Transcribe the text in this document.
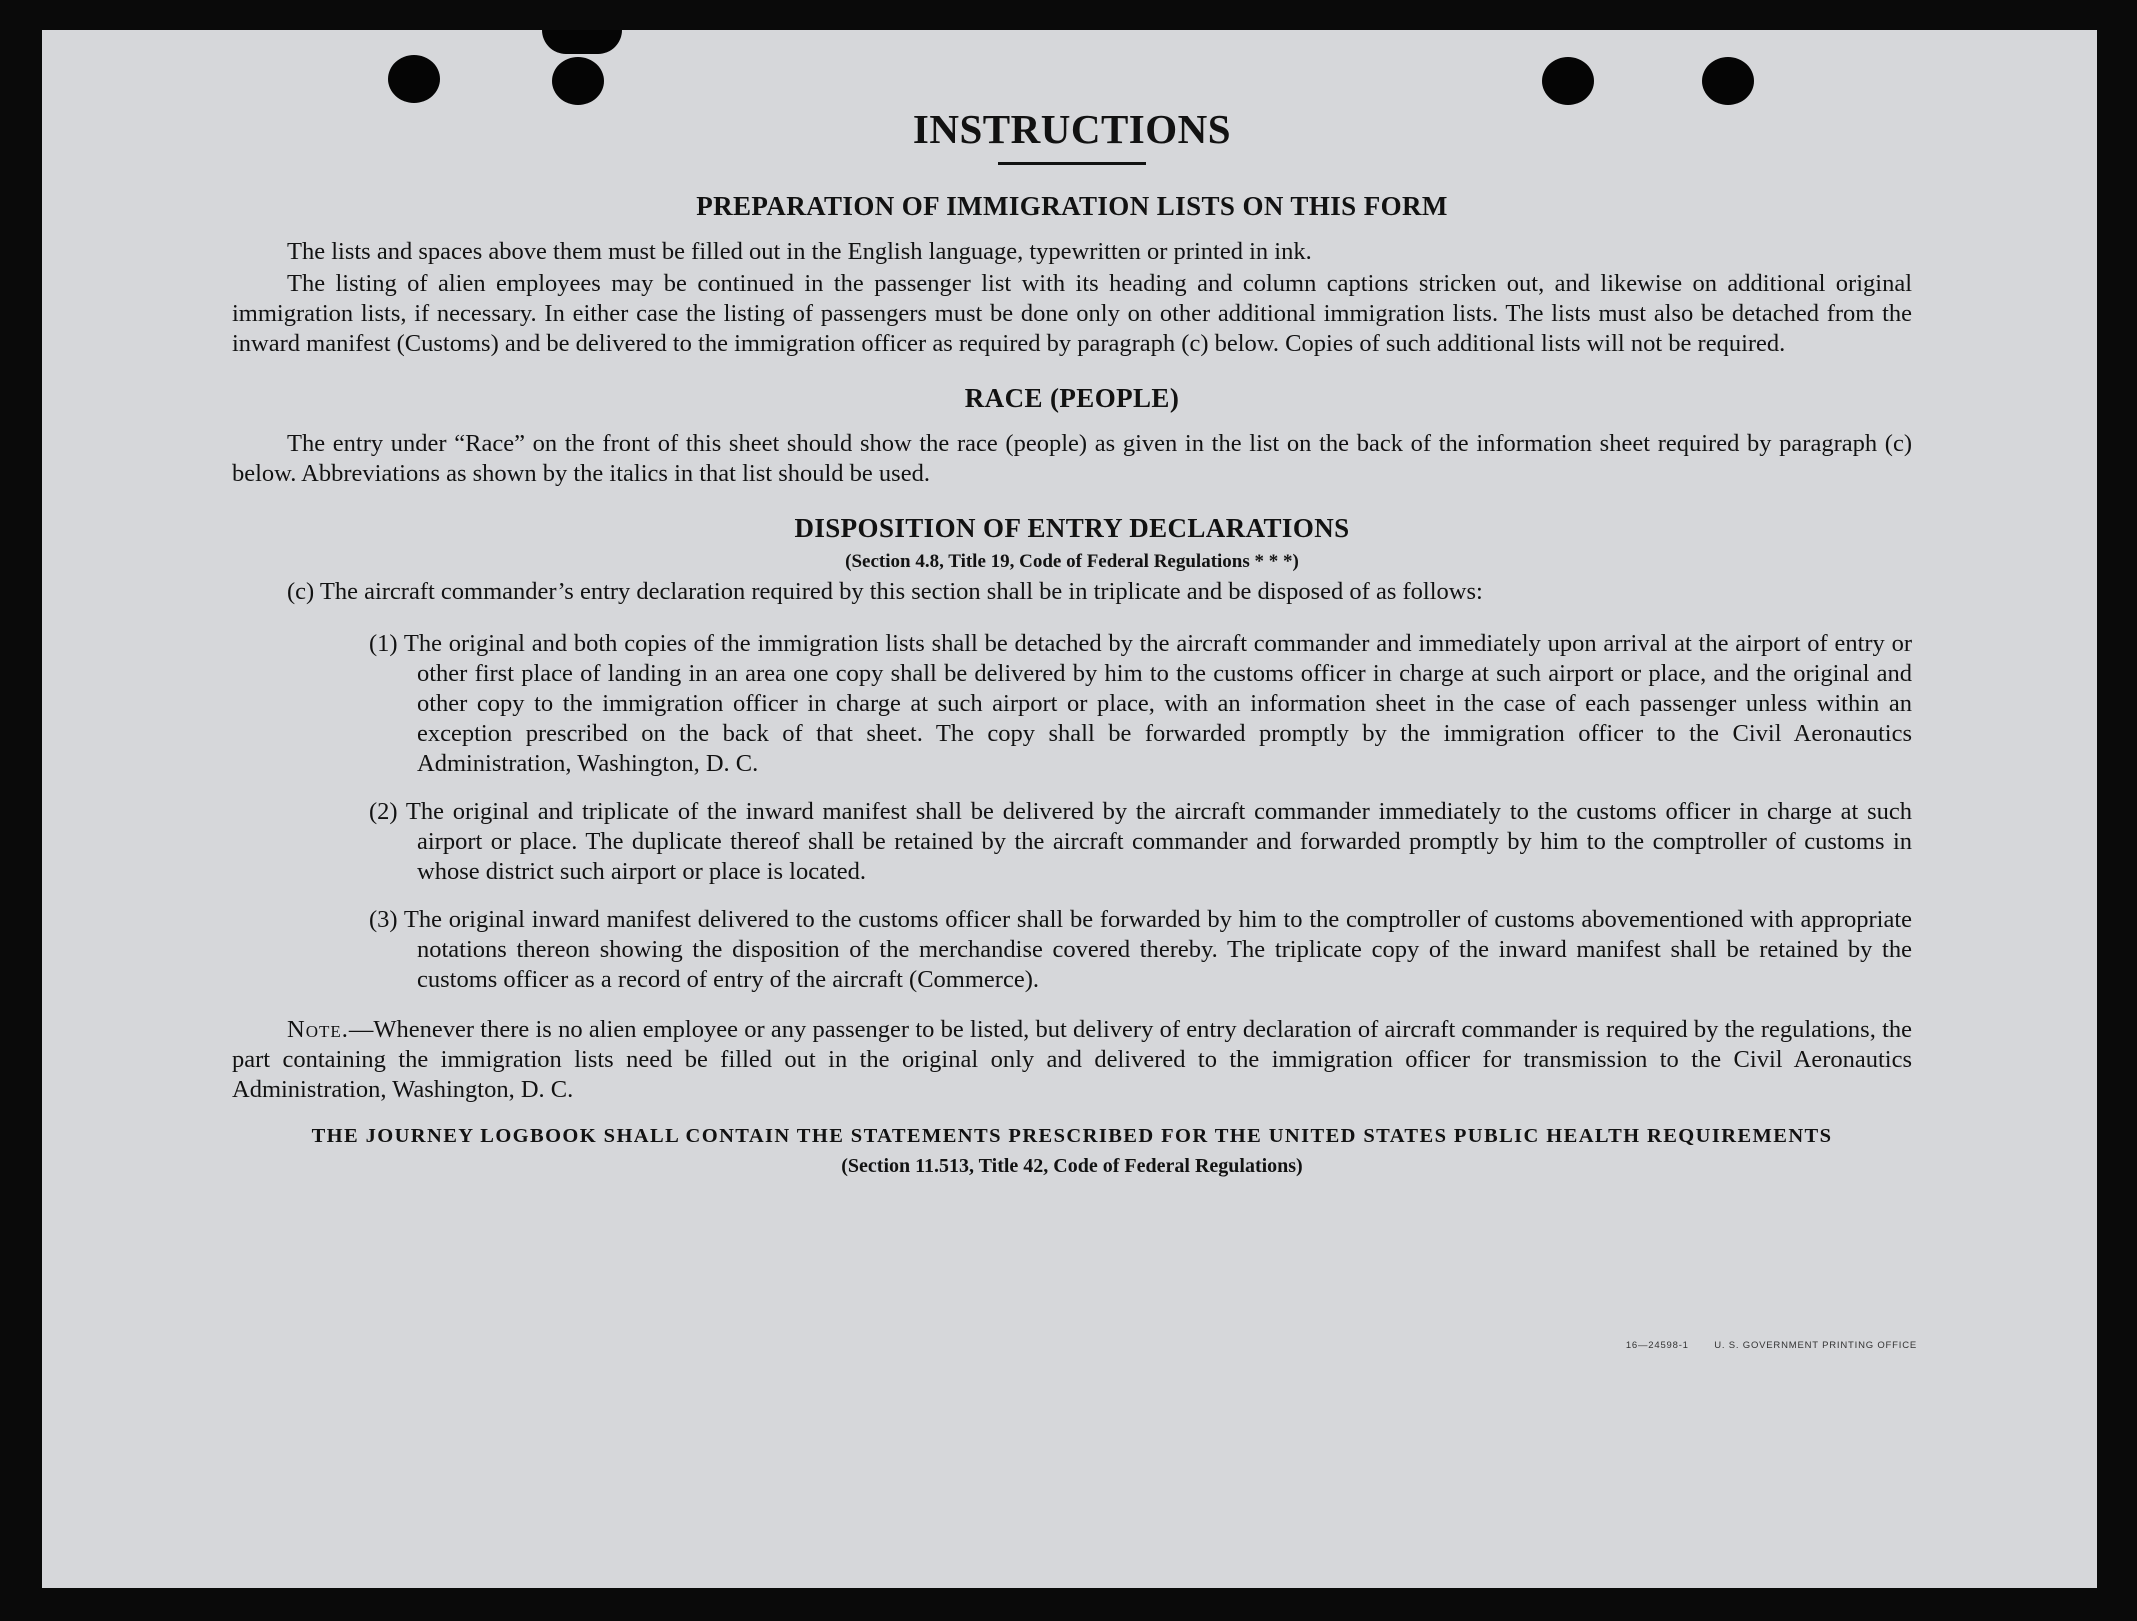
INSTRUCTIONS
PREPARATION OF IMMIGRATION LISTS ON THIS FORM

The lists and spaces above them must be filled out in the English language, typewritten or printed in ink.

The listing of alien employees may be continued in the passenger list with its heading and column captions stricken out, and likewise on additional original immigration lists, if necessary. In either case the listing of passengers must be done only on other additional immigration lists. The lists must also be detached from the inward manifest (Customs) and be delivered to the immigration officer as required by paragraph (c) below. Copies of such additional lists will not be required.

RACE (PEOPLE)

The entry under “Race” on the front of this sheet should show the race (people) as given in the list on the back of the information sheet required by paragraph (c) below. Abbreviations as shown by the italics in that list should be used.

DISPOSITION OF ENTRY DECLARATIONS
(Section 4.8, Title 19, Code of Federal Regulations * * *)

(c) The aircraft commander’s entry declaration required by this section shall be in triplicate and be disposed of as follows:

(1) The original and both copies of the immigration lists shall be detached by the aircraft commander and immediately upon arrival at the airport of entry or other first place of landing in an area one copy shall be delivered by him to the customs officer in charge at such airport or place, and the original and other copy to the immigration officer in charge at such airport or place, with an information sheet in the case of each passenger unless within an exception prescribed on the back of that sheet. The copy shall be forwarded promptly by the immigration officer to the Civil Aeronautics Administration, Washington, D. C.

(2) The original and triplicate of the inward manifest shall be delivered by the aircraft commander immediately to the customs officer in charge at such airport or place. The duplicate thereof shall be retained by the aircraft commander and forwarded promptly by him to the comptroller of customs in whose district such airport or place is located.

(3) The original inward manifest delivered to the customs officer shall be forwarded by him to the comptroller of customs abovementioned with appropriate notations thereon showing the disposition of the merchandise covered thereby. The triplicate copy of the inward manifest shall be retained by the customs officer as a record of entry of the aircraft (Commerce).

Note.—Whenever there is no alien employee or any passenger to be listed, but delivery of entry declaration of aircraft commander is required by the regulations, the part containing the immigration lists need be filled out in the original only and delivered to the immigration officer for transmission to the Civil Aeronautics Administration, Washington, D. C.

THE JOURNEY LOGBOOK SHALL CONTAIN THE STATEMENTS PRESCRIBED FOR THE UNITED STATES PUBLIC HEALTH REQUIREMENTS
(Section 11.513, Title 42, Code of Federal Regulations)
16—24598-1	U. S. GOVERNMENT PRINTING OFFICE
